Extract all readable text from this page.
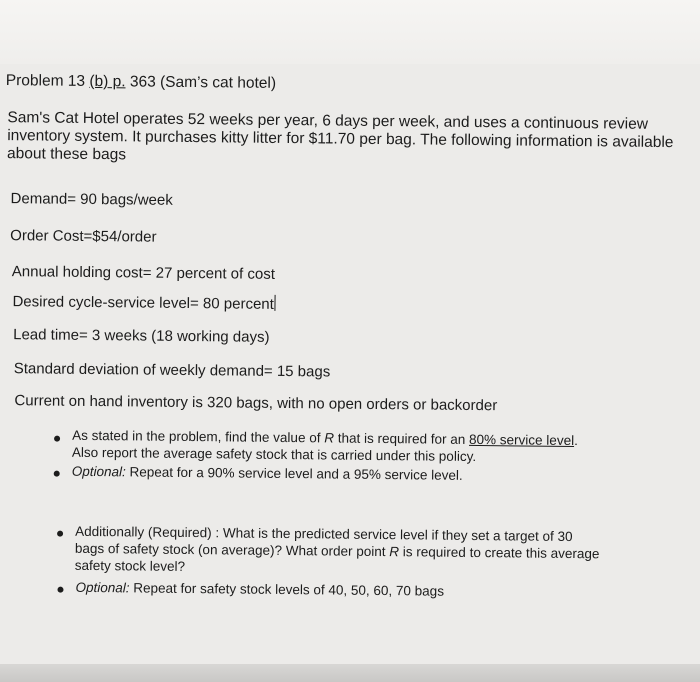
Problem 13 (b) p. 363 (Sam’s cat hotel)
Sam's Cat Hotel operates 52 weeks per year, 6 days per week, and uses a continuous review inventory system. It purchases kitty litter for $11.70 per bag. The following information is available about these bags
Demand= 90 bags/week
Order Cost=$54/order
Annual holding cost= 27 percent of cost
Desired cycle-service level= 80 percent
Lead time= 3 weeks (18 working days)
Standard deviation of weekly demand= 15 bags
Current on hand inventory is 320 bags, with no open orders or backorder
As stated in the problem, find the value of R that is required for an 80% service level.
Also report the average safety stock that is carried under this policy.
Optional: Repeat for a 90% service level and a 95% service level.
Additionally (Required) : What is the predicted service level if they set a target of 30
bags of safety stock (on average)? What order point R is required to create this average
safety stock level?
Optional: Repeat for safety stock levels of 40, 50, 60, 70 bags
